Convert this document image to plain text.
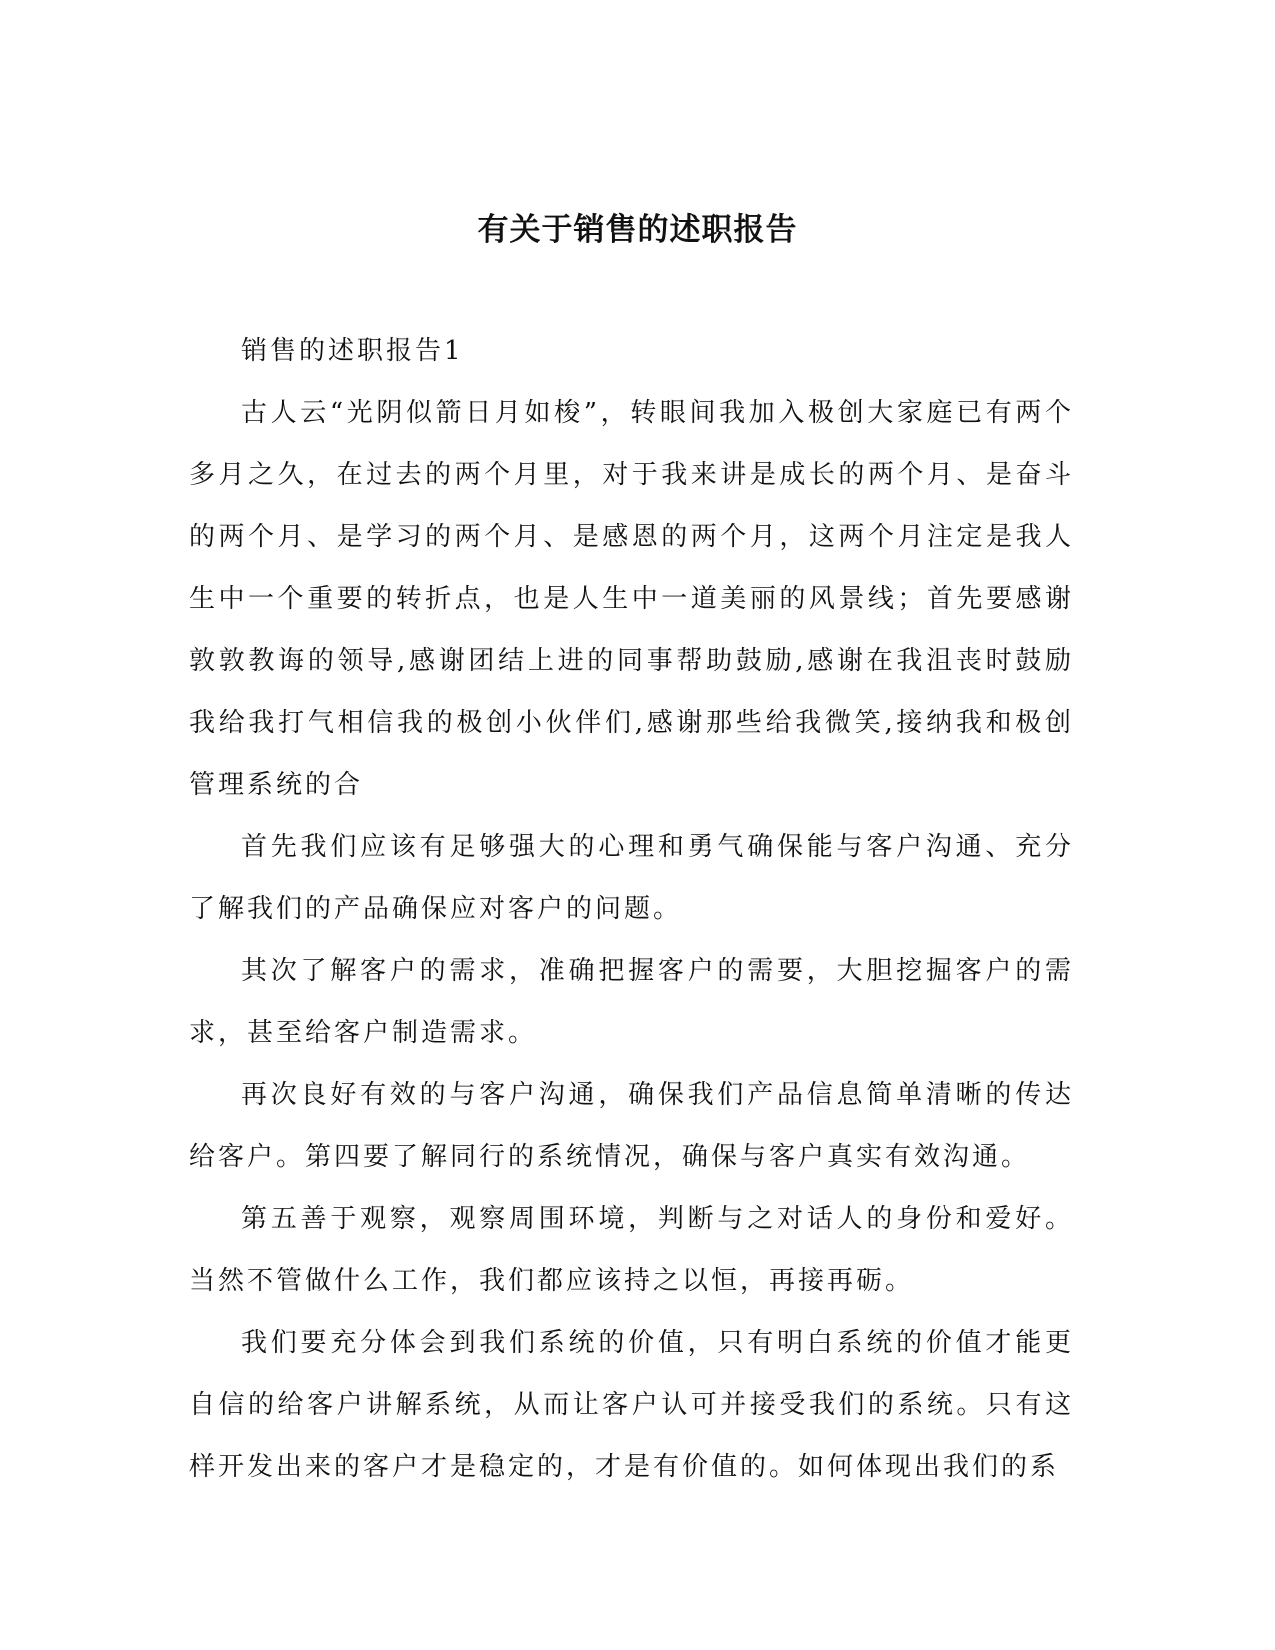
有关于销售的述职报告

销售的述职报告1

古人云“光阴似箭日月如梭”，转眼间我加入极创大家庭已有两个多月之久，在过去的两个月里，对于我来讲是成长的两个月、是奋斗的两个月、是学习的两个月、是感恩的两个月，这两个月注定是我人生中一个重要的转折点，也是人生中一道美丽的风景线；首先要感谢敦敦教诲的领导,感谢团结上进的同事帮助鼓励,感谢在我沮丧时鼓励我给我打气相信我的极创小伙伴们,感谢那些给我微笑,接纳我和极创管理系统的合

首先我们应该有足够强大的心理和勇气确保能与客户沟通、充分了解我们的产品确保应对客户的问题。

其次了解客户的需求，准确把握客户的需要，大胆挖掘客户的需求，甚至给客户制造需求。

再次良好有效的与客户沟通，确保我们产品信息简单清晰的传达给客户。第四要了解同行的系统情况，确保与客户真实有效沟通。

第五善于观察，观察周围环境，判断与之对话人的身份和爱好。当然不管做什么工作，我们都应该持之以恒，再接再砺。

我们要充分体会到我们系统的价值，只有明白系统的价值才能更自信的给客户讲解系统，从而让客户认可并接受我们的系统。只有这样开发出来的客户才是稳定的，才是有价值的。如何体现出我们的系
